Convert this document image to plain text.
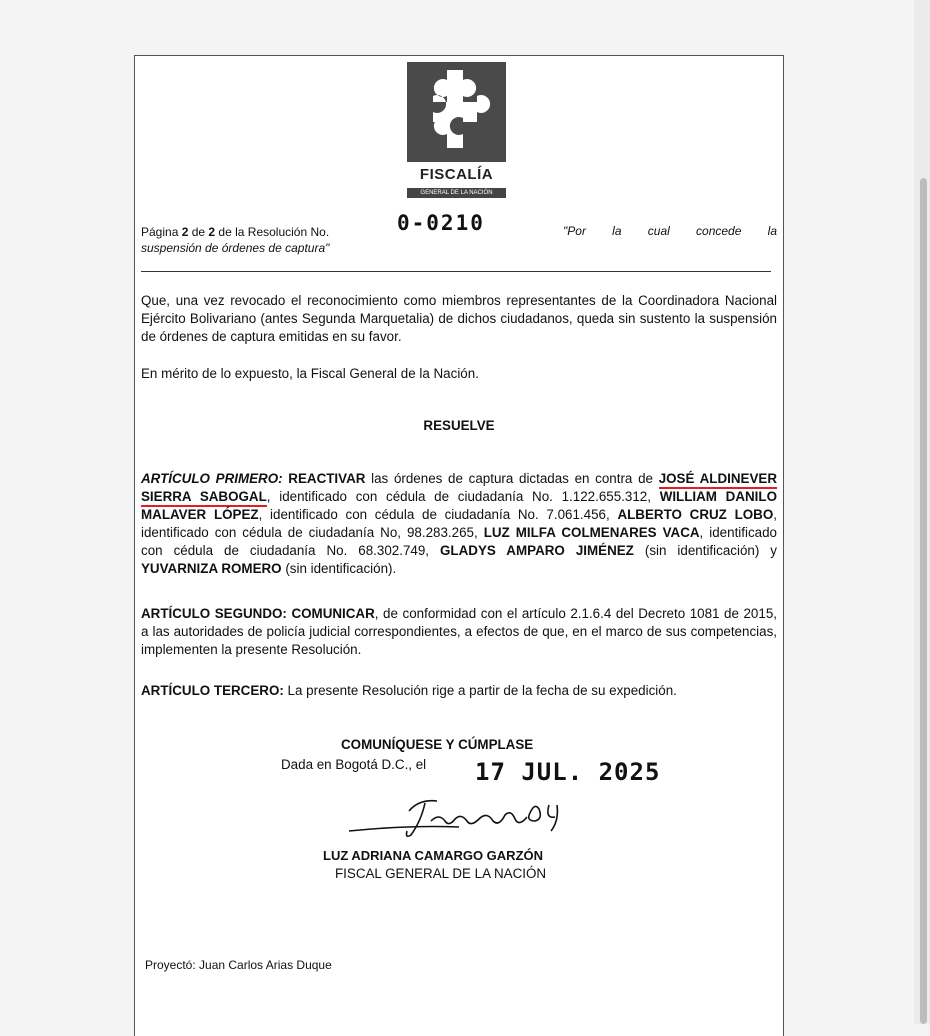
FISCALÍA
GENERAL DE LA NACIÓN
Página 2 de 2 de la Resolución No.
suspensión de órdenes de captura"
0-0210	"Por la cual concede la
Que, una vez revocado el reconocimiento como miembros representantes de la Coordinadora Nacional Ejército Bolivariano (antes Segunda Marquetalia) de dichos ciudadanos, queda sin sustento la suspensión de órdenes de captura emitidas en su favor.
En mérito de lo expuesto, la Fiscal General de la Nación.
RESUELVE
ARTÍCULO PRIMERO: REACTIVAR las órdenes de captura dictadas en contra de JOSÉ ALDINEVER SIERRA SABOGAL, identificado con cédula de ciudadanía No. 1.122.655.312, WILLIAM DANILO MALAVER LÓPEZ, identificado con cédula de ciudadanía No. 7.061.456, ALBERTO CRUZ LOBO, identificado con cédula de ciudadanía No, 98.283.265, LUZ MILFA COLMENARES VACA, identificado con cédula de ciudadanía No. 68.302.749, GLADYS AMPARO JIMÉNEZ (sin identificación) y YUVARNIZA ROMERO (sin identificación).
ARTÍCULO SEGUNDO: COMUNICAR, de conformidad con el artículo 2.1.6.4 del Decreto 1081 de 2015, a las autoridades de policía judicial correspondientes, a efectos de que, en el marco de sus competencias, implementen la presente Resolución.
ARTÍCULO TERCERO: La presente Resolución rige a partir de la fecha de su expedición.
COMUNÍQUESE Y CÚMPLASE
Dada en Bogotá D.C., el 17 JUL. 2025
LUZ ADRIANA CAMARGO GARZÓN
FISCAL GENERAL DE LA NACIÓN
Proyectó: Juan Carlos Arias Duque
